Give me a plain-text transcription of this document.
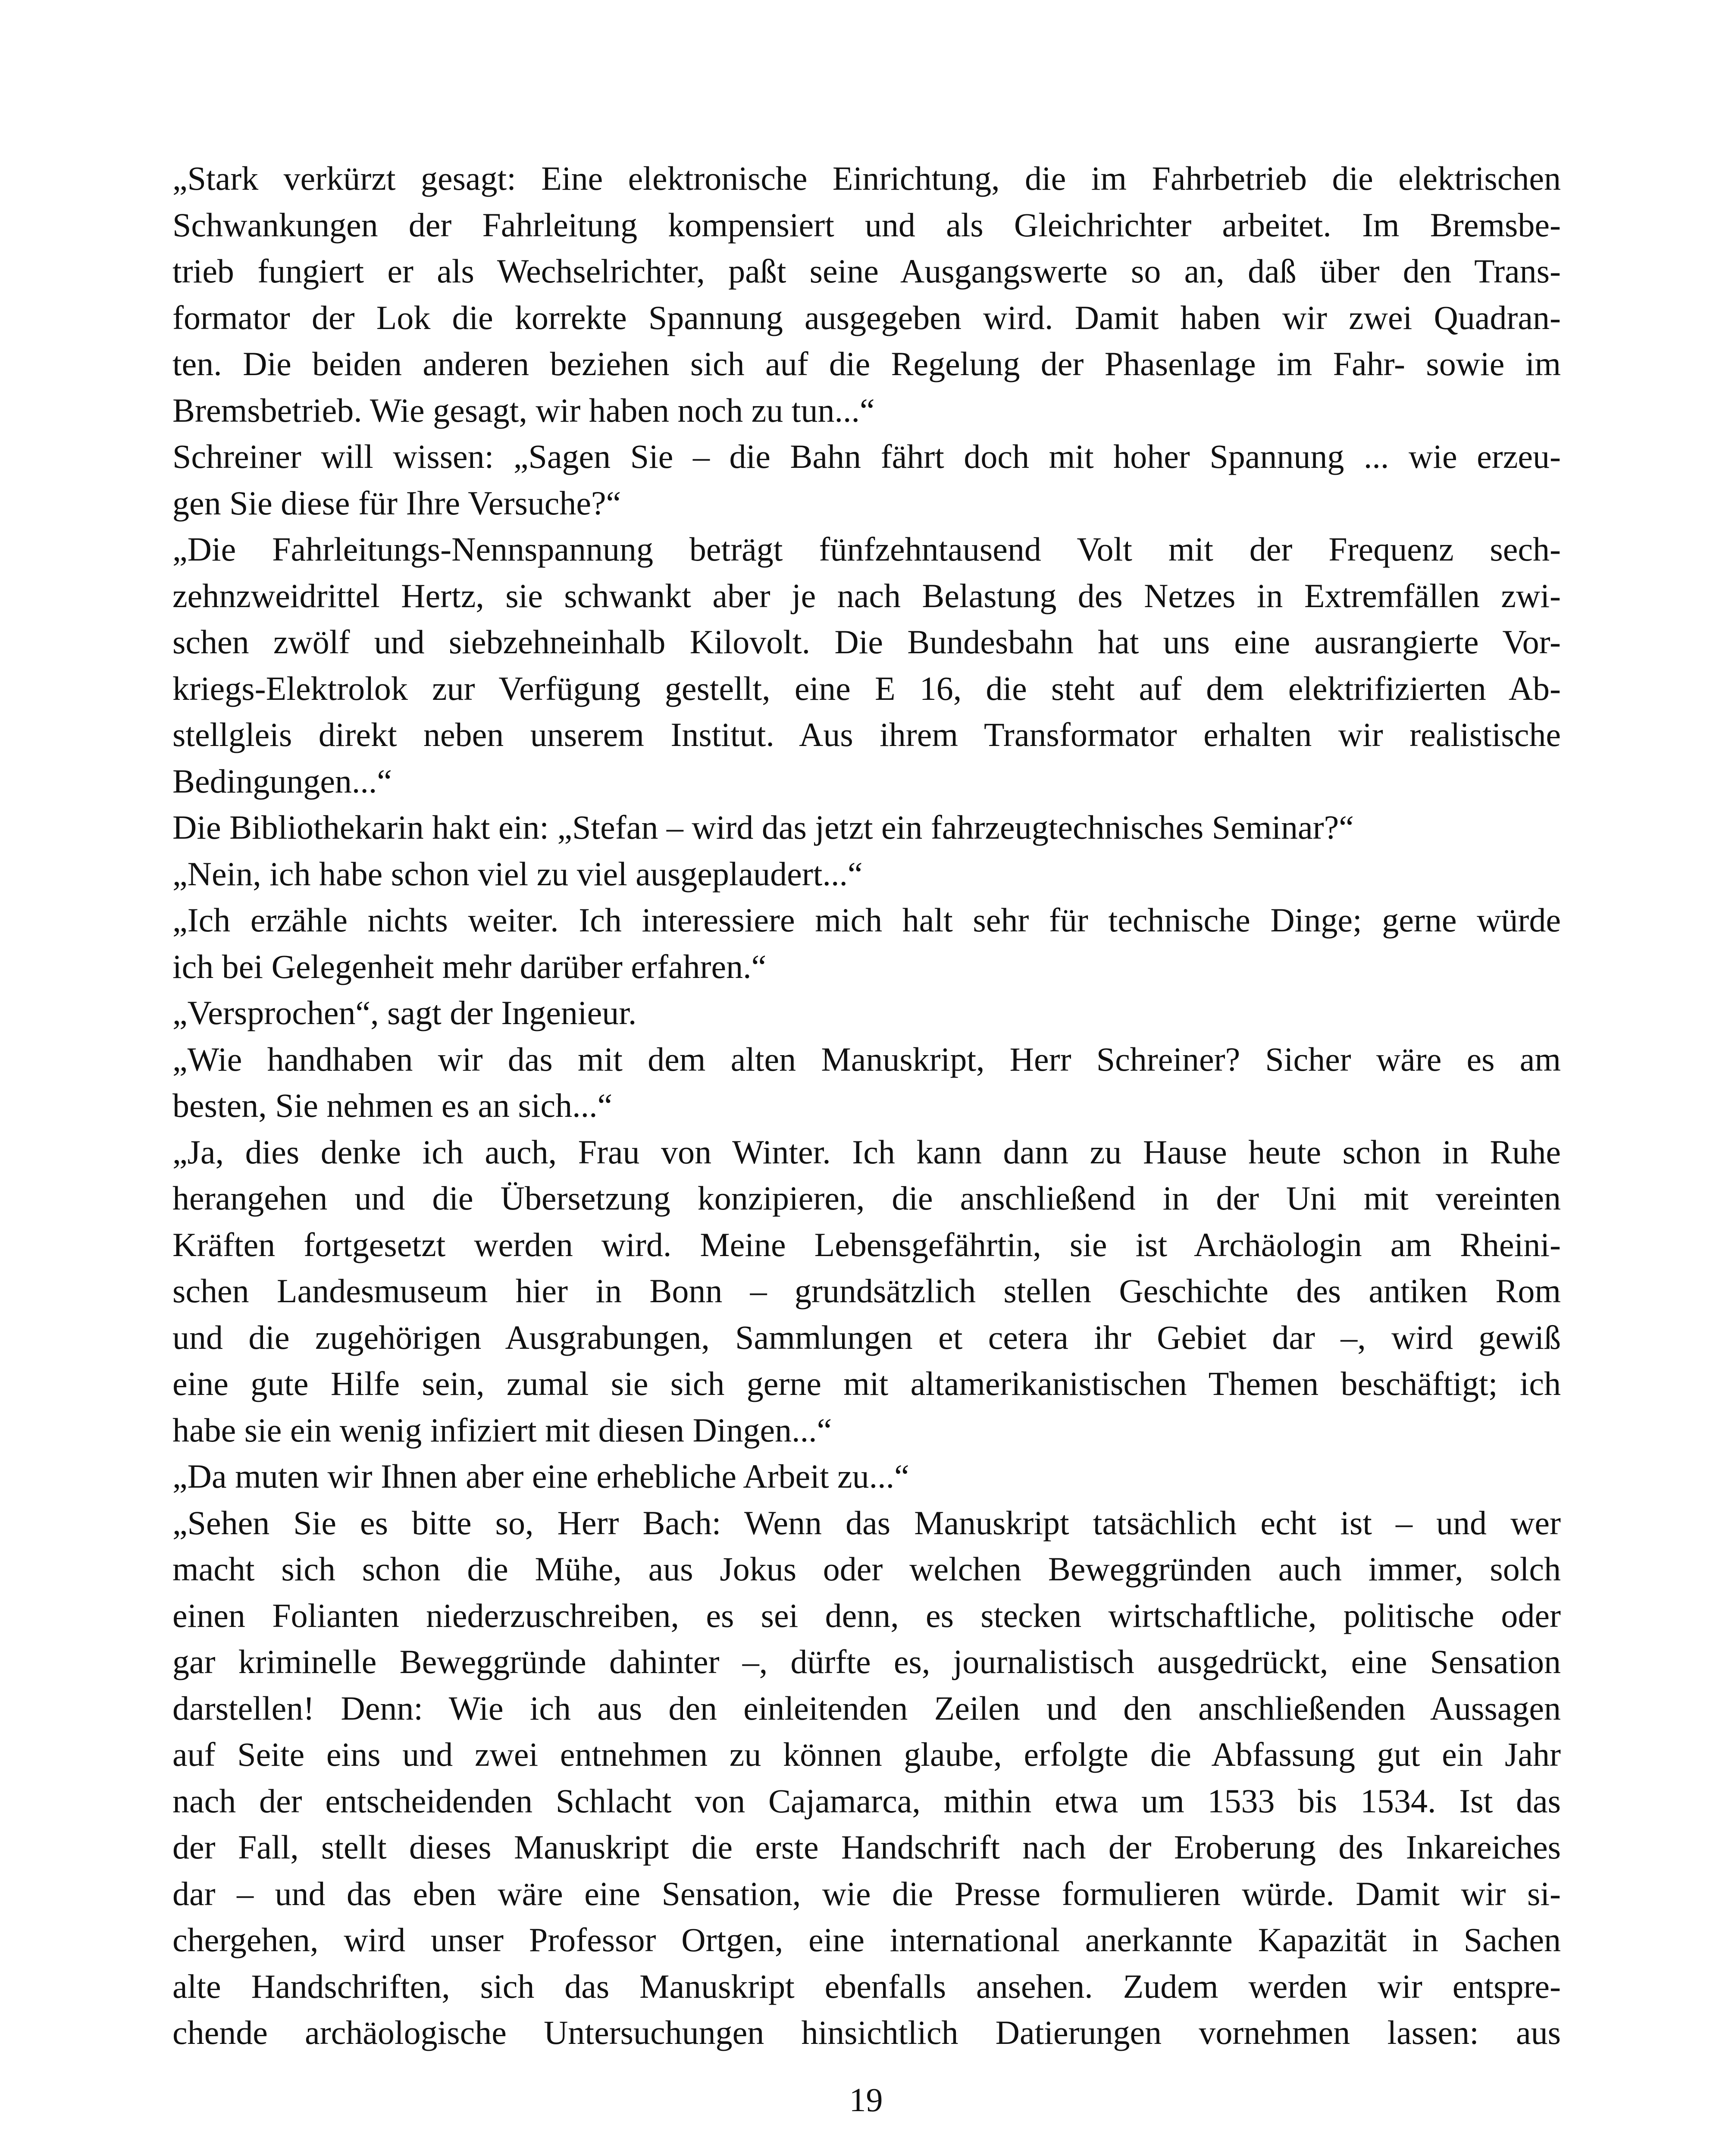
„Stark verkürzt gesagt: Eine elektronische Einrichtung, die im Fahrbetrieb die elektrischen
Schwankungen der Fahrleitung kompensiert und als Gleichrichter arbeitet. Im Bremsbe-
trieb fungiert er als Wechselrichter, paßt seine Ausgangswerte so an, daß über den Trans-
formator der Lok die korrekte Spannung ausgegeben wird. Damit haben wir zwei Quadran-
ten. Die beiden anderen beziehen sich auf die Regelung der Phasenlage im Fahr- sowie im
Bremsbetrieb. Wie gesagt, wir haben noch zu tun...“
Schreiner will wissen: „Sagen Sie – die Bahn fährt doch mit hoher Spannung ... wie erzeu-
gen Sie diese für Ihre Versuche?“
„Die Fahrleitungs-Nennspannung beträgt fünfzehntausend Volt mit der Frequenz sech-
zehnzweidrittel Hertz, sie schwankt aber je nach Belastung des Netzes in Extremfällen zwi-
schen zwölf und siebzehneinhalb Kilovolt. Die Bundesbahn hat uns eine ausrangierte Vor-
kriegs-Elektrolok zur Verfügung gestellt, eine E 16, die steht auf dem elektrifizierten Ab-
stellgleis direkt neben unserem Institut. Aus ihrem Transformator erhalten wir realistische
Bedingungen...“
Die Bibliothekarin hakt ein: „Stefan – wird das jetzt ein fahrzeugtechnisches Seminar?“
„Nein, ich habe schon viel zu viel ausgeplaudert...“
„Ich erzähle nichts weiter. Ich interessiere mich halt sehr für technische Dinge; gerne würde
ich bei Gelegenheit mehr darüber erfahren.“
„Versprochen“, sagt der Ingenieur.
„Wie handhaben wir das mit dem alten Manuskript, Herr Schreiner? Sicher wäre es am
besten, Sie nehmen es an sich...“
„Ja, dies denke ich auch, Frau von Winter. Ich kann dann zu Hause heute schon in Ruhe
herangehen und die Übersetzung konzipieren, die anschließend in der Uni mit vereinten
Kräften fortgesetzt werden wird. Meine Lebensgefährtin, sie ist Archäologin am Rheini-
schen Landesmuseum hier in Bonn – grundsätzlich stellen Geschichte des antiken Rom
und die zugehörigen Ausgrabungen, Sammlungen et cetera ihr Gebiet dar –, wird gewiß
eine gute Hilfe sein, zumal sie sich gerne mit altamerikanistischen Themen beschäftigt; ich
habe sie ein wenig infiziert mit diesen Dingen...“
„Da muten wir Ihnen aber eine erhebliche Arbeit zu...“
„Sehen Sie es bitte so, Herr Bach: Wenn das Manuskript tatsächlich echt ist – und wer
macht sich schon die Mühe, aus Jokus oder welchen Beweggründen auch immer, solch
einen Folianten niederzuschreiben, es sei denn, es stecken wirtschaftliche, politische oder
gar kriminelle Beweggründe dahinter –, dürfte es, journalistisch ausgedrückt, eine Sensation
darstellen! Denn: Wie ich aus den einleitenden Zeilen und den anschließenden Aussagen
auf Seite eins und zwei entnehmen zu können glaube, erfolgte die Abfassung gut ein Jahr
nach der entscheidenden Schlacht von Cajamarca, mithin etwa um 1533 bis 1534. Ist das
der Fall, stellt dieses Manuskript die erste Handschrift nach der Eroberung des Inkareiches
dar – und das eben wäre eine Sensation, wie die Presse formulieren würde. Damit wir si-
chergehen, wird unser Professor Ortgen, eine international anerkannte Kapazität in Sachen
alte Handschriften, sich das Manuskript ebenfalls ansehen. Zudem werden wir entspre-
chende archäologische Untersuchungen hinsichtlich Datierungen vornehmen lassen: aus
19
